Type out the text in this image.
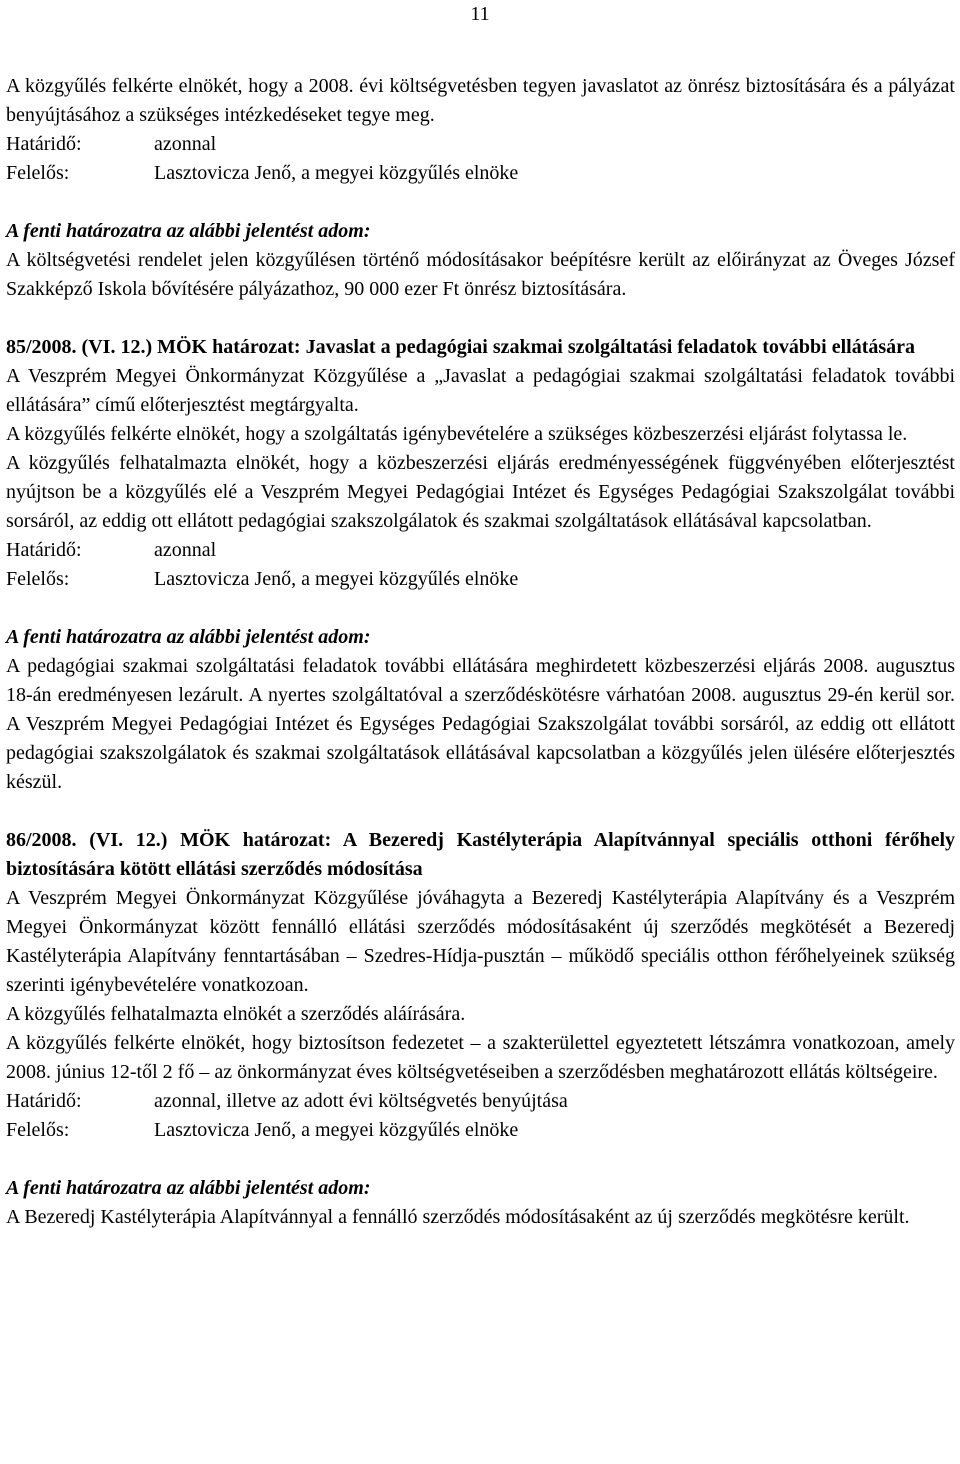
11

A közgyűlés felkérte elnökét, hogy a 2008. évi költségvetésben tegyen javaslatot az önrész biztosítására és a pályázat benyújtásához a szükséges intézkedéseket tegye meg.

Határidő:	azonnal
Felelős:	Lasztovicza Jenő, a megyei közgyűlés elnöke

A fenti határozatra az alábbi jelentést adom:

A költségvetési rendelet jelen közgyűlésen történő módosításakor beépítésre került az előirányzat az Öveges József Szakképző Iskola bővítésére pályázathoz, 90 000 ezer Ft önrész biztosítására.

85/2008. (VI. 12.) MÖK határozat: Javaslat a pedagógiai szakmai szolgáltatási feladatok további ellátására

A Veszprém Megyei Önkormányzat Közgyűlése a „Javaslat a pedagógiai szakmai szolgáltatási feladatok további ellátására” című előterjesztést megtárgyalta.

A közgyűlés felkérte elnökét, hogy a szolgáltatás igénybevételére a szükséges közbeszerzési eljárást folytassa le.

A közgyűlés felhatalmazta elnökét, hogy a közbeszerzési eljárás eredményességének függvényében előterjesztést nyújtson be a közgyűlés elé a Veszprém Megyei Pedagógiai Intézet és Egységes Pedagógiai Szakszolgálat további sorsáról, az eddig ott ellátott pedagógiai szakszolgálatok és szakmai szolgáltatások ellátásával kapcsolatban.

Határidő:	azonnal
Felelős:	Lasztovicza Jenő, a megyei közgyűlés elnöke

A fenti határozatra az alábbi jelentést adom:

A pedagógiai szakmai szolgáltatási feladatok további ellátására meghirdetett közbeszerzési eljárás 2008. augusztus 18-án eredményesen lezárult. A nyertes szolgáltatóval a szerződéskötésre várhatóan 2008. augusztus 29-én kerül sor. A Veszprém Megyei Pedagógiai Intézet és Egységes Pedagógiai Szakszolgálat további sorsáról, az eddig ott ellátott pedagógiai szakszolgálatok és szakmai szolgáltatások ellátásával kapcsolatban a közgyűlés jelen ülésére előterjesztés készül.

86/2008. (VI. 12.) MÖK határozat: A Bezeredj Kastélyterápia Alapítvánnyal speciális otthoni férőhely biztosítására kötött ellátási szerződés módosítása

A Veszprém Megyei Önkormányzat Közgyűlése jóváhagyta a Bezeredj Kastélyterápia Alapítvány és a Veszprém Megyei Önkormányzat között fennálló ellátási szerződés módosításaként új szerződés megkötését a Bezeredj Kastélyterápia Alapítvány fenntartásában – Szedres-Hídja-pusztán – működő speciális otthon férőhelyeinek szükség szerinti igénybevételére vonatkozoan.

A közgyűlés felhatalmazta elnökét a szerződés aláírására.

A közgyűlés felkérte elnökét, hogy biztosítson fedezetet – a szakterülettel egyeztetett létszámra vonatkozoan, amely 2008. június 12-től 2 fő – az önkormányzat éves költségvetéseiben a szerződésben meghatározott ellátás költségeire.

Határidő:	azonnal, illetve az adott évi költségvetés benyújtása
Felelős:	Lasztovicza Jenő, a megyei közgyűlés elnöke

A fenti határozatra az alábbi jelentést adom:

A Bezeredj Kastélyterápia Alapítvánnyal a fennálló szerződés módosításaként az új szerződés megkötésre került.
